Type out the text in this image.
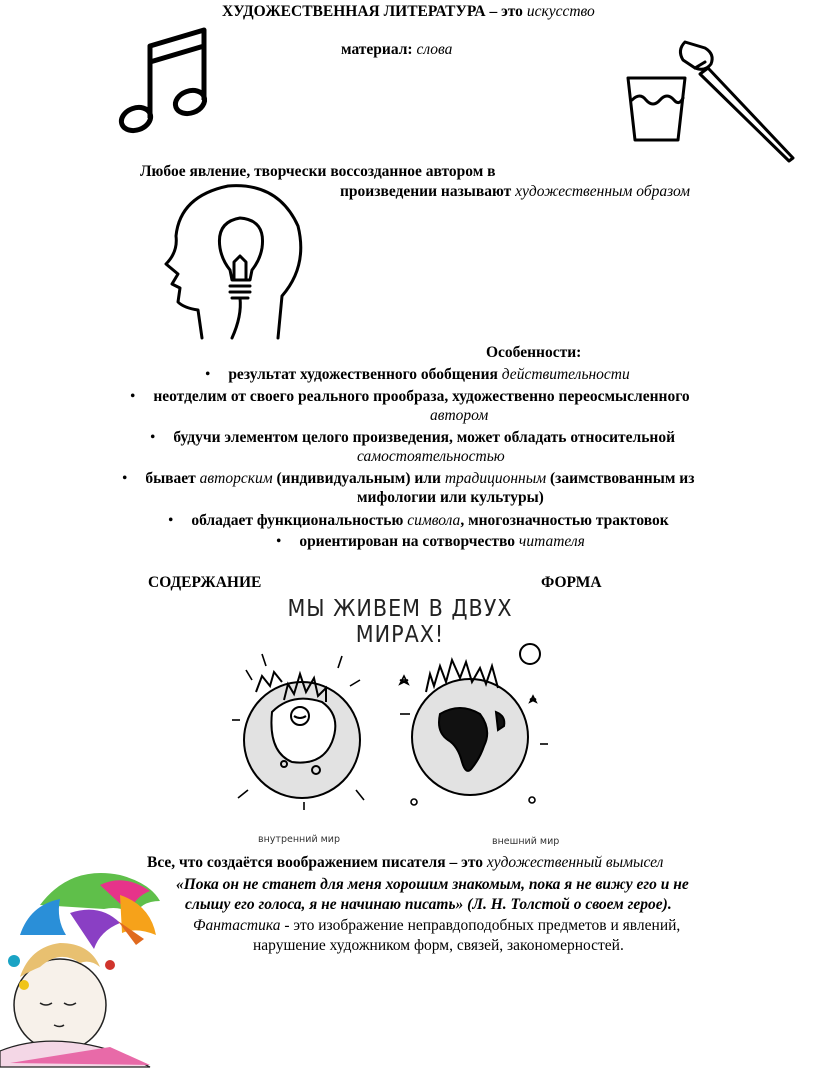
ХУДОЖЕСТВЕННАЯ ЛИТЕРАТУРА – это искусство
материал: слова
Любое явление, творчески воссозданное автором в
произведении называют художественным образом
Особенности:
• результат художественного обобщения действительности
• неотделим от своего реального прообраза, художественно переосмысленного
автором
• будучи элементом целого произведения, может обладать относительной
самостоятельностью
• бывает авторским (индивидуальным) или традиционным (заимствованным из
мифологии или культуры)
• обладает функциональностью символа, многозначностью трактовок
• ориентирован на сотворчество читателя
СОДЕРЖАНИЕ	ФОРМА
МЫ ЖИВЕМ В ДВУХ МИРАХ!
внутренний мир	внешний мир
Все, что создаётся воображением писателя – это художественный вымысел
«Пока он не станет для меня хорошим знакомым, пока я не вижу его и не
слышу его голоса, я не начинаю писать» (Л. Н. Толстой о своем герое).
Фантастика - это изображение неправдоподобных предметов и явлений,
нарушение художником форм, связей, закономерностей.
